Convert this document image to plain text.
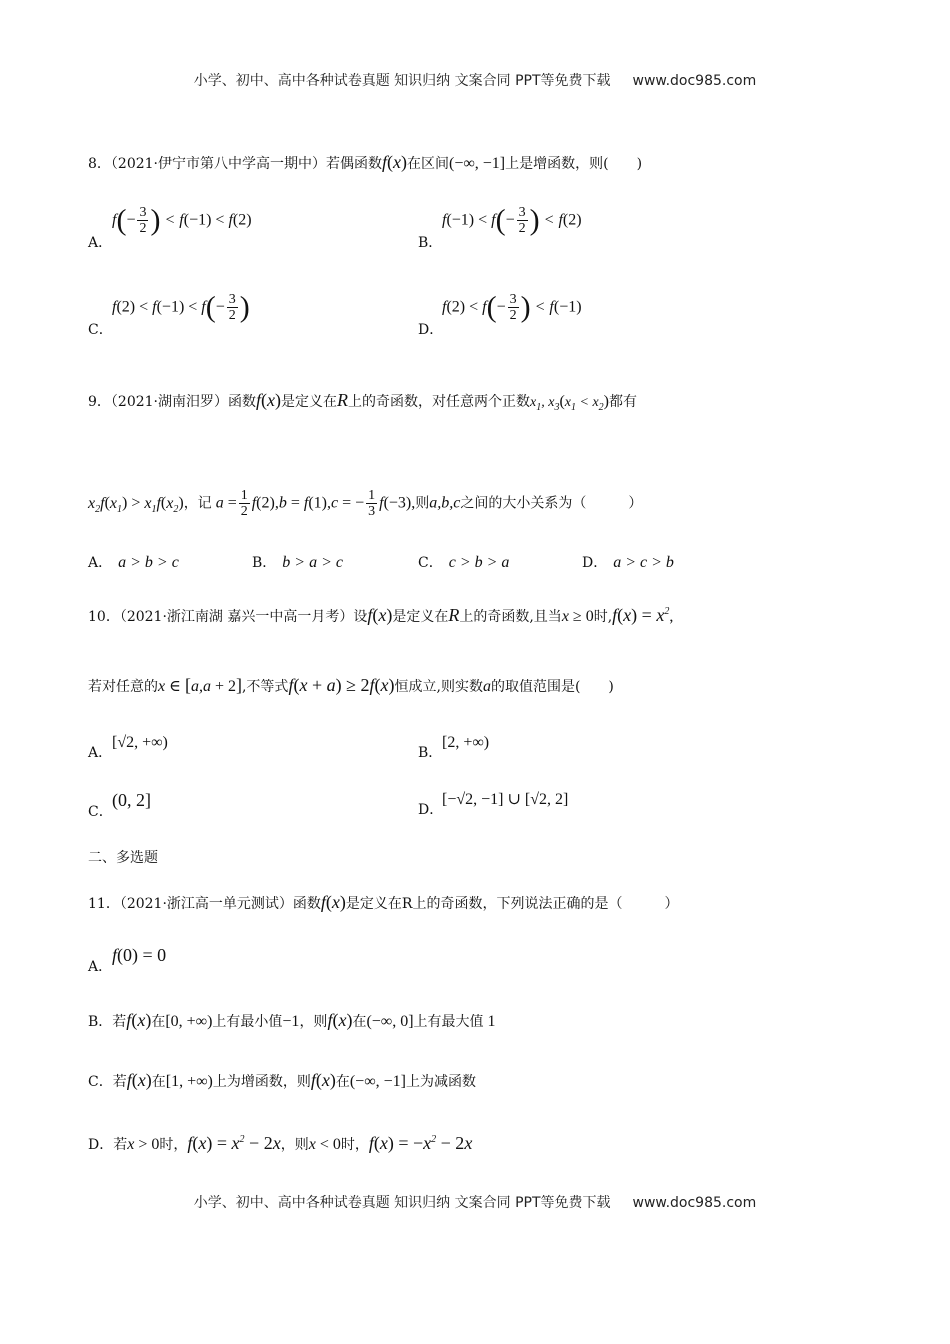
小学、初中、高中各种试卷真题 知识归纳 文案合同 PPT等免费下载 www.doc985.com
8．（2021·伊宁市第八中学高一期中）若偶函数f(x)在区间(−∞, −1]上是增函数，则(　　)
A．$f(- \frac{3}{2}$ ) < f(−1) < f(2)
B．$f(-1) < f(- \frac{3}{2}$ ) < f(2)
C．$f(2) < f(-1) < f(- \frac{3}{2}$ )
D．$f(2) < f(- \frac{3}{2}$ ) < f(−1)
9．（2021·湖南汨罗）函数f(x)是定义在R上的奇函数，对任意两个正数$x_1$, $x_3(x_1 < x_2)$都有
$x_2f(x_1) > x_1f(x_2)$，记 $a = \frac{1}{2} f(2),b = f(1),c$ = − $\frac{1}{3} f(-3)$,则a,b,c之间的大小关系为（　　　）
A． a > b > c	B． b > a > c	C． c > b > a	D． a > c > b
10．（2021·浙江南湖 嘉兴一中高一月考）设f(x)是定义在R上的奇函数,且当x ≥ 0时$,f(x) = x^2$,
若对任意的x ∈ [a,a + 2],不等式f(x + a) ≥ 2f(x)恒成立,则实数a的取值范围是(　　)
A．[√2, +∞)
B．[2, +∞)
C．(0, 2]	D．[−√2, −1] ∪ [√2, 2]
二、多选题
11．（2021·浙江高一单元测试）函数f(x)是定义在R上的奇函数，下列说法正确的是（　　　）
A．f(0) = 0
B．若f(x)在[0, +∞)上有最小值−1，则f(x)在(−∞, 0]上有最大值 1
C．若f(x)在[1, +∞)上为增函数，则f(x)在(−∞, −1]上为减函数
D．若x > 0时，$f(x) = x^2 - 2x$，则x < 0时，$f(x) = -x^2 - 2x$
小学、初中、高中各种试卷真题 知识归纳 文案合同 PPT等免费下载 www.doc985.com
